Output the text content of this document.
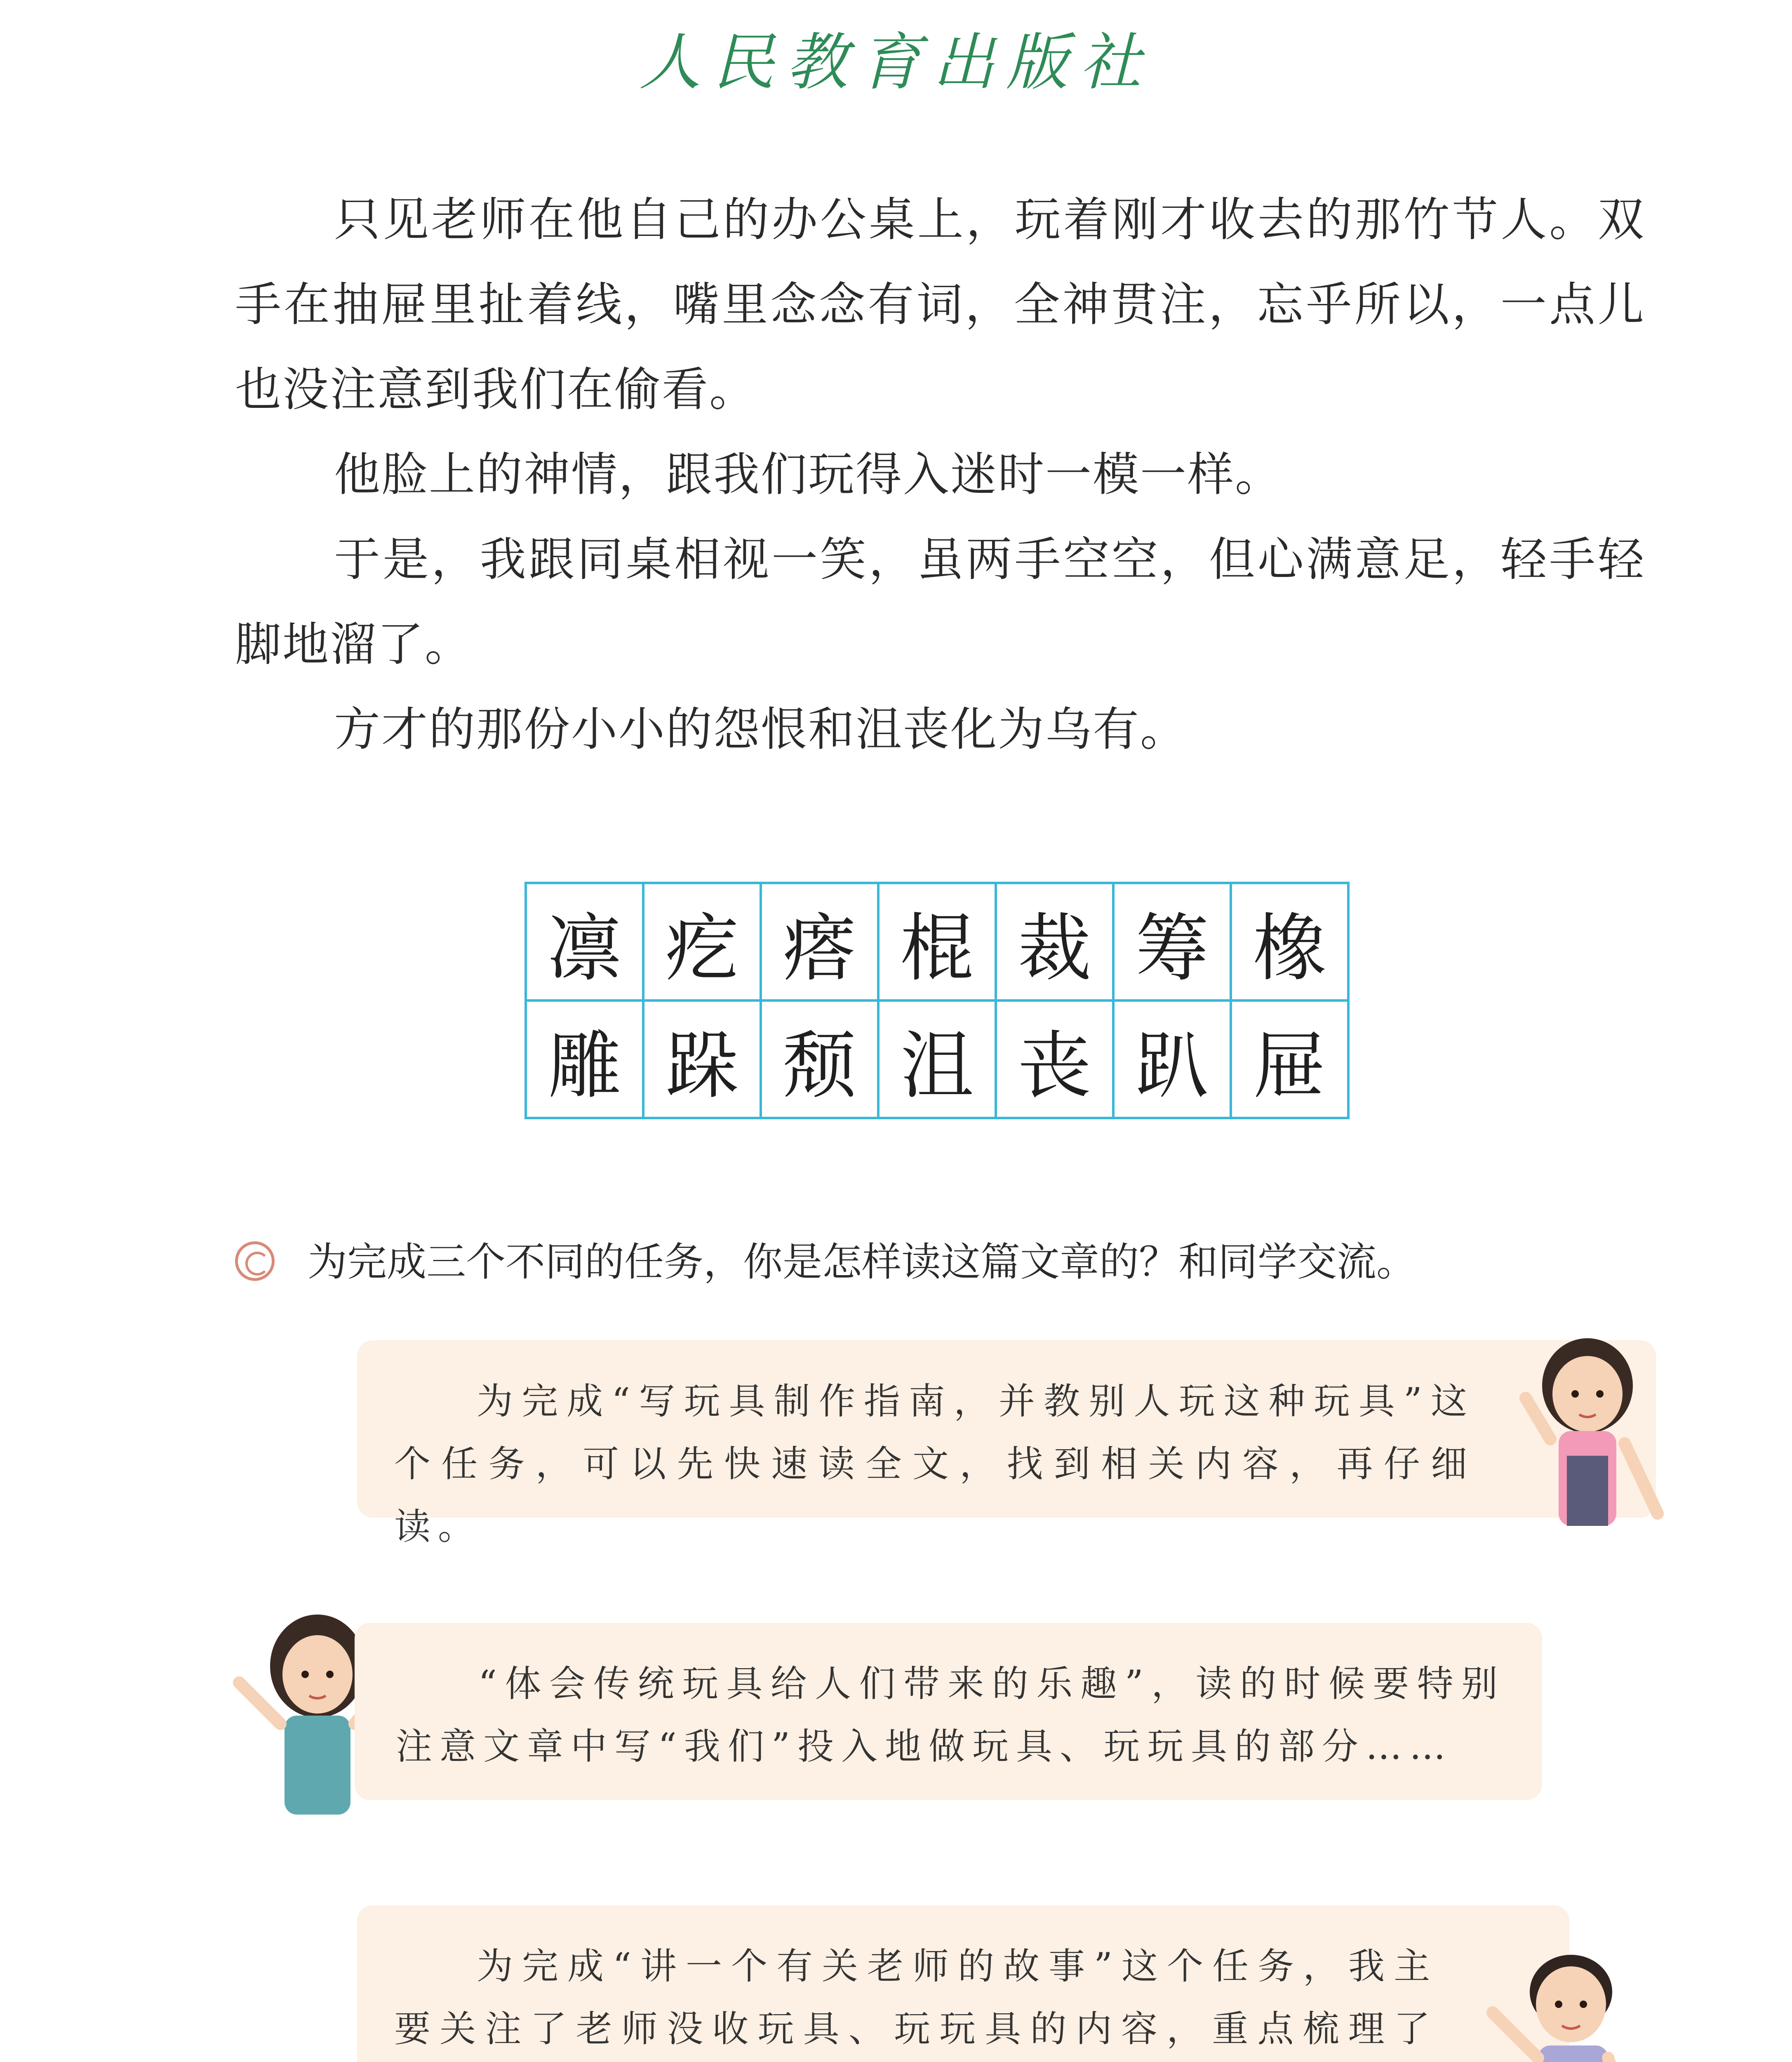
人民教育出版社

只见老师在他自己的办公桌上，玩着刚才收去的那竹节人。双手在抽屉里扯着线，嘴里念念有词，全神贯注，忘乎所以，一点儿也没注意到我们在偷看。

他脸上的神情，跟我们玩得入迷时一模一样。

于是，我跟同桌相视一笑，虽两手空空，但心满意足，轻手轻脚地溜了。

方才的那份小小的怨恨和沮丧化为乌有。

凛	疙	瘩	棍	裁	筹	橡
雕	跺	颓	沮	丧	趴	屉
为完成三个不同的任务，你是怎样读这篇文章的？和同学交流。

为完成“写玩具制作指南，并教别人玩这种玩具”这个任务，可以先快速读全文，找到相关内容，再仔细读。

“体会传统玩具给人们带来的乐趣”，读的时候要特别注意文章中写“我们”投入地做玩具、玩玩具的部分……

为完成“讲一个有关老师的故事”这个任务，我主要关注了老师没收玩具、玩玩具的内容，重点梳理了
